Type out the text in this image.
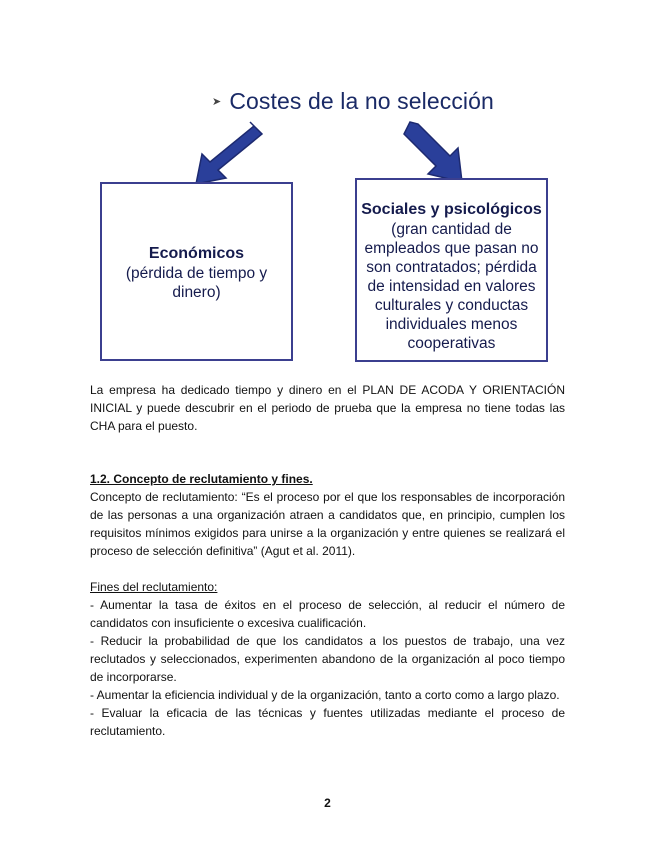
➤ Costes de la no selección
Económicos
(pérdida de tiempo y
dinero)
Sociales y psicológicos
(gran cantidad de
empleados que pasan no
son contratados; pérdida
de intensidad en valores
culturales y conductas
individuales menos
cooperativas

La empresa ha dedicado tiempo y dinero en el PLAN DE ACODA Y ORIENTACIÓN INICIAL y puede descubrir en el periodo de prueba que la empresa no tiene todas las CHA para el puesto.

1.2. Concepto de reclutamiento y fines.

Concepto de reclutamiento: “Es el proceso por el que los responsables de incorporación de las personas a una organización atraen a candidatos que, en principio, cumplen los requisitos mínimos exigidos para unirse a la organización y entre quienes se realizará el proceso de selección definitiva” (Agut et al. 2011).

Fines del reclutamiento:

- Aumentar la tasa de éxitos en el proceso de selección, al reducir el número de candidatos con insuficiente o excesiva cualificación.

- Reducir la probabilidad de que los candidatos a los puestos de trabajo, una vez reclutados y seleccionados, experimenten abandono de la organización al poco tiempo de incorporarse.

- Aumentar la eficiencia individual y de la organización, tanto a corto como a largo plazo.

- Evaluar la eficacia de las técnicas y fuentes utilizadas mediante el proceso de reclutamiento.

2
